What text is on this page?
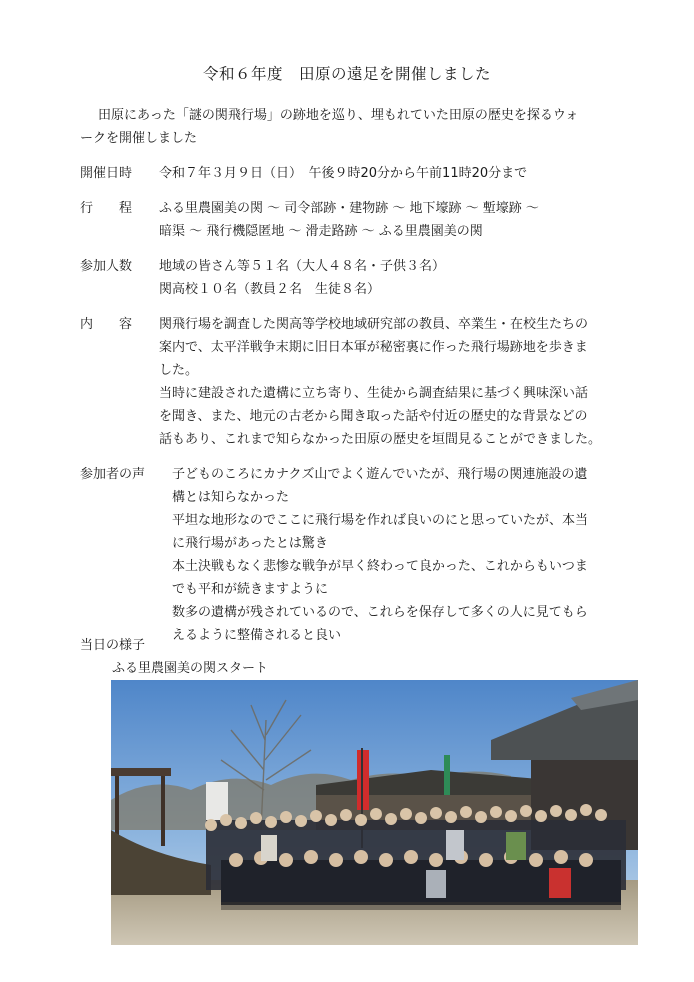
令和６年度　田原の遠足を開催しました
田原にあった「謎の関飛行場」の跡地を巡り、埋もれていた田原の歴史を探るウォ
ークを開催しました
開催日時 令和７年３月９日（日）　午後９時20分から午前11時20分まで
行　　程 ふる里農園美の関 〜 司令部跡・建物跡 〜 地下壕跡 〜 塹壕跡 〜
暗渠 〜 飛行機隠匿地 〜 滑走路跡 〜 ふる里農園美の関
参加人数 地域の皆さん等５１名（大人４８名・子供３名）
関高校１０名（教員２名　生徒８名）
内　　容 関飛行場を調査した関高等学校地域研究部の教員、卒業生・在校生たちの
案内で、太平洋戦争末期に旧日本軍が秘密裏に作った飛行場跡地を歩きま
した。
当時に建設された遺構に立ち寄り、生徒から調査結果に基づく興味深い話
を聞き、また、地元の古老から聞き取った話や付近の歴史的な背景などの
話もあり、これまで知らなかった田原の歴史を垣間見ることができました。
参加者の声 子どものころにカナクズ山でよく遊んでいたが、飛行場の関連施設の遺
構とは知らなかった
平坦な地形なのでここに飛行場を作れば良いのにと思っていたが、本当
に飛行場があったとは驚き
本土決戦もなく悲惨な戦争が早く終わって良かった、これからもいつま
でも平和が続きますように
数多の遺構が残されているので、これらを保存して多くの人に見てもら
えるように整備されると良い
当日の様子
ふる里農園美の関スタート
